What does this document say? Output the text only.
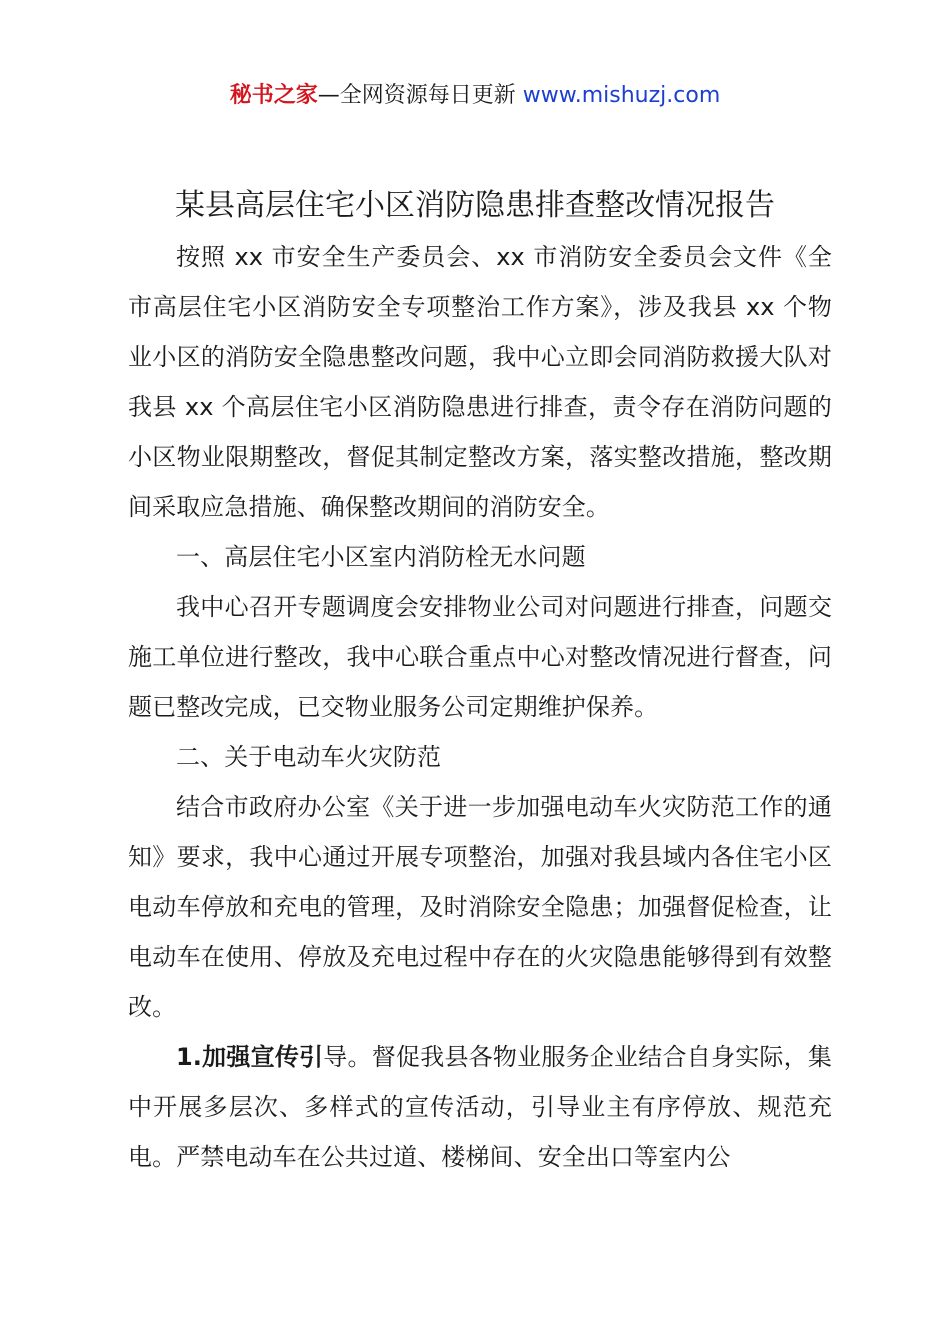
秘书之家—全网资源每日更新 www.mishuzj.com
某县高层住宅小区消防隐患排查整改情况报告

按照 xx 市安全生产委员会、xx 市消防安全委员会文件《全市高层住宅小区消防安全专项整治工作方案》，涉及我县 xx 个物业小区的消防安全隐患整改问题，我中心立即会同消防救援大队对我县 xx 个高层住宅小区消防隐患进行排查，责令存在消防问题的小区物业限期整改，督促其制定整改方案，落实整改措施，整改期间采取应急措施、确保整改期间的消防安全。

一、高层住宅小区室内消防栓无水问题

我中心召开专题调度会安排物业公司对问题进行排查，问题交施工单位进行整改，我中心联合重点中心对整改情况进行督查，问题已整改完成，已交物业服务公司定期维护保养。

二、关于电动车火灾防范

结合市政府办公室《关于进一步加强电动车火灾防范工作的通知》要求，我中心通过开展专项整治，加强对我县域内各住宅小区电动车停放和充电的管理，及时消除安全隐患；加强督促检查，让电动车在使用、停放及充电过程中存在的火灾隐患能够得到有效整改。

1.加强宣传引导。督促我县各物业服务企业结合自身实际，集中开展多层次、多样式的宣传活动，引导业主有序停放、规范充电。严禁电动车在公共过道、楼梯间、安全出口等室内公
